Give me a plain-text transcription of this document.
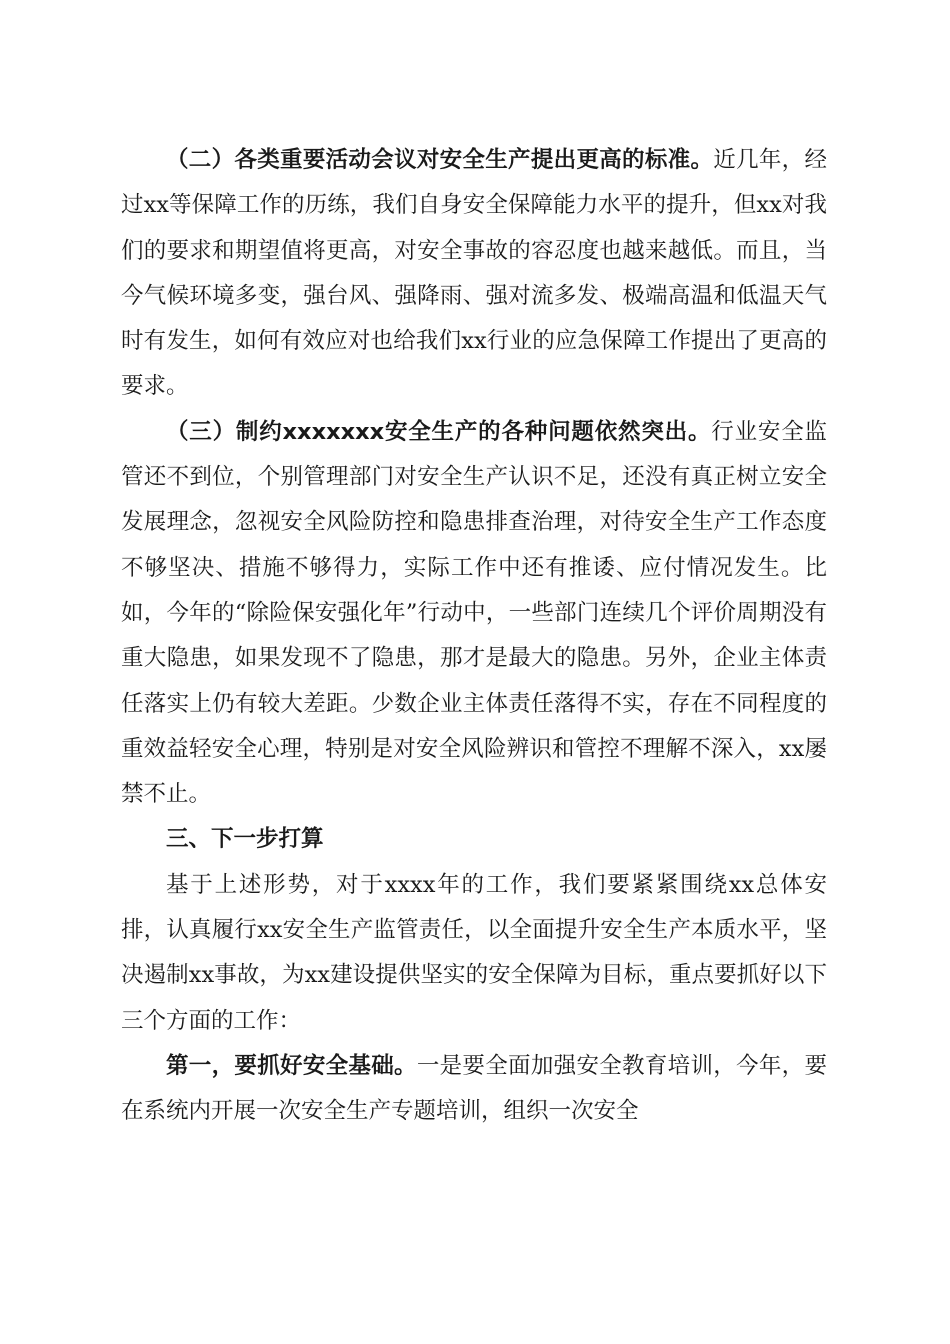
（二）各类重要活动会议对安全生产提出更高的标准。近几年，经过xx等保障工作的历练，我们自身安全保障能力水平的提升，但xx对我们的要求和期望值将更高，对安全事故的容忍度也越来越低。而且，当今气候环境多变，强台风、强降雨、强对流多发、极端高温和低温天气时有发生，如何有效应对也给我们xx行业的应急保障工作提出了更高的要求。

（三）制约xxxxxxx安全生产的各种问题依然突出。行业安全监管还不到位，个别管理部门对安全生产认识不足，还没有真正树立安全发展理念，忽视安全风险防控和隐患排查治理，对待安全生产工作态度不够坚决、措施不够得力，实际工作中还有推诿、应付情况发生。比如，今年的“除险保安强化年”行动中，一些部门连续几个评价周期没有重大隐患，如果发现不了隐患，那才是最大的隐患。另外，企业主体责任落实上仍有较大差距。少数企业主体责任落得不实，存在不同程度的重效益轻安全心理，特别是对安全风险辨识和管控不理解不深入，xx屡禁不止。

三、下一步打算

基于上述形势，对于xxxx年的工作，我们要紧紧围绕xx总体安排，认真履行xx安全生产监管责任，以全面提升安全生产本质水平，坚决遏制xx事故，为xx建设提供坚实的安全保障为目标，重点要抓好以下三个方面的工作：

第一，要抓好安全基础。一是要全面加强安全教育培训，今年，要在系统内开展一次安全生产专题培训，组织一次安全
